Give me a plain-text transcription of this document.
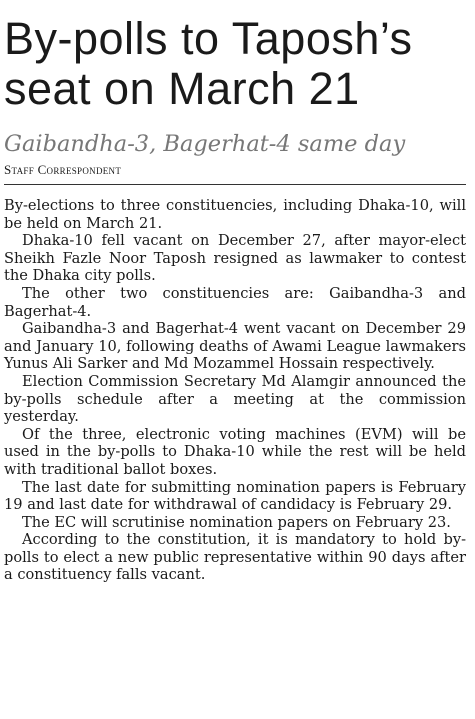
By-polls to Taposh’s seat on March 21
Gaibandha-3, Bagerhat-4 same day
Staff Correspondent

By-elections to three constituencies, including Dhaka-10, will be held on March 21.

Dhaka-10 fell vacant on December 27, after mayor-elect Sheikh Fazle Noor Taposh resigned as lawmaker to contest the Dhaka city polls.

The other two constituencies are: Gaibandha-3 and Bagerhat-4.

Gaibandha-3 and Bagerhat-4 went vacant on December 29 and January 10, following deaths of Awami League lawmakers Yunus Ali Sarker and Md Mozammel Hossain respectively.

Election Commission Secretary Md Alamgir announced the by-polls schedule after a meeting at the commission yesterday.

Of the three, electronic voting machines (EVM) will be used in the by-polls to Dhaka-10 while the rest will be held with traditional ballot boxes.

The last date for submitting nomination papers is February 19 and last date for withdrawal of candidacy is February 29.

The EC will scrutinise nomination papers on February 23.

According to the constitution, it is mandatory to hold by-polls to elect a new public representative within 90 days after a constituency falls vacant.
